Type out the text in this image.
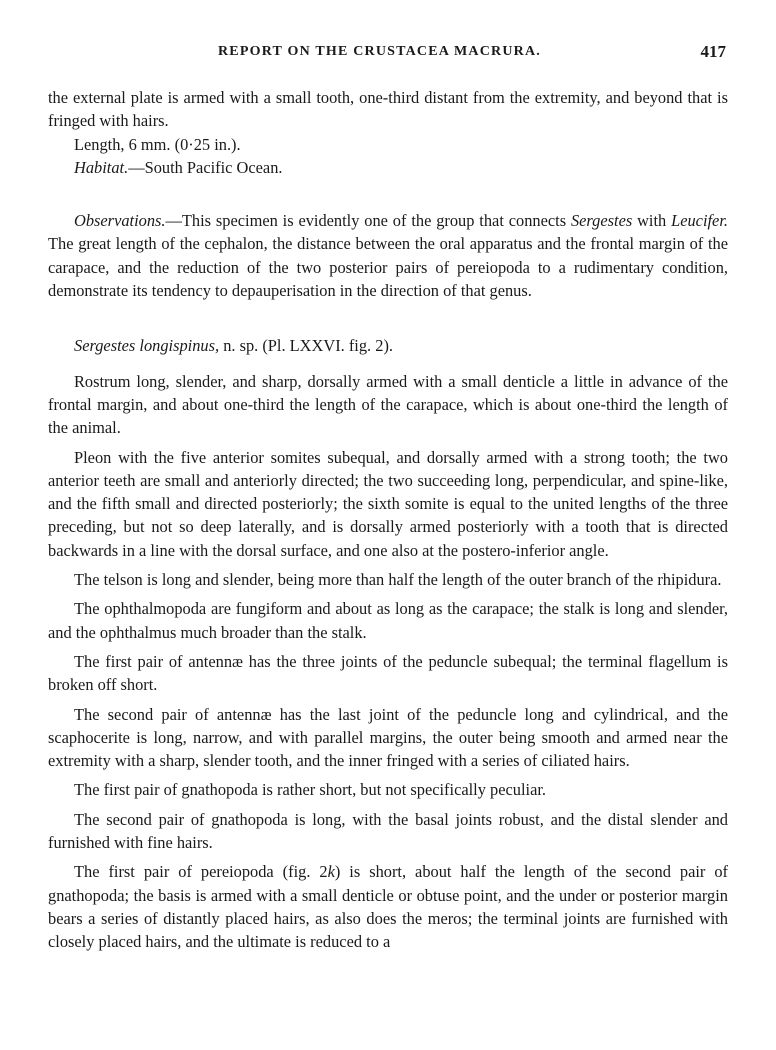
REPORT ON THE CRUSTACEA MACRURA.	417

the external plate is armed with a small tooth, one-third distant from the extremity, and beyond that is fringed with hairs.

Length, 6 mm. (0·25 in.).

Habitat.—South Pacific Ocean.

Observations.—This specimen is evidently one of the group that connects Sergestes with Leucifer. The great length of the cephalon, the distance between the oral apparatus and the frontal margin of the carapace, and the reduction of the two posterior pairs of pereiopoda to a rudimentary condition, demonstrate its tendency to depauperisation in the direction of that genus.

Sergestes longispinus, n. sp. (Pl. LXXVI. fig. 2).

Rostrum long, slender, and sharp, dorsally armed with a small denticle a little in advance of the frontal margin, and about one-third the length of the carapace, which is about one-third the length of the animal.

Pleon with the five anterior somites subequal, and dorsally armed with a strong tooth; the two anterior teeth are small and anteriorly directed; the two succeeding long, perpendicular, and spine-like, and the fifth small and directed posteriorly; the sixth somite is equal to the united lengths of the three preceding, but not so deep laterally, and is dorsally armed posteriorly with a tooth that is directed backwards in a line with the dorsal surface, and one also at the postero-inferior angle.

The telson is long and slender, being more than half the length of the outer branch of the rhipidura.

The ophthalmopoda are fungiform and about as long as the carapace; the stalk is long and slender, and the ophthalmus much broader than the stalk.

The first pair of antennæ has the three joints of the peduncle subequal; the terminal flagellum is broken off short.

The second pair of antennæ has the last joint of the peduncle long and cylindrical, and the scaphocerite is long, narrow, and with parallel margins, the outer being smooth and armed near the extremity with a sharp, slender tooth, and the inner fringed with a series of ciliated hairs.

The first pair of gnathopoda is rather short, but not specifically peculiar.

The second pair of gnathopoda is long, with the basal joints robust, and the distal slender and furnished with fine hairs.

The first pair of pereiopoda (fig. 2k) is short, about half the length of the second pair of gnathopoda; the basis is armed with a small denticle or obtuse point, and the under or posterior margin bears a series of distantly placed hairs, as also does the meros; the terminal joints are furnished with closely placed hairs, and the ultimate is reduced to a
